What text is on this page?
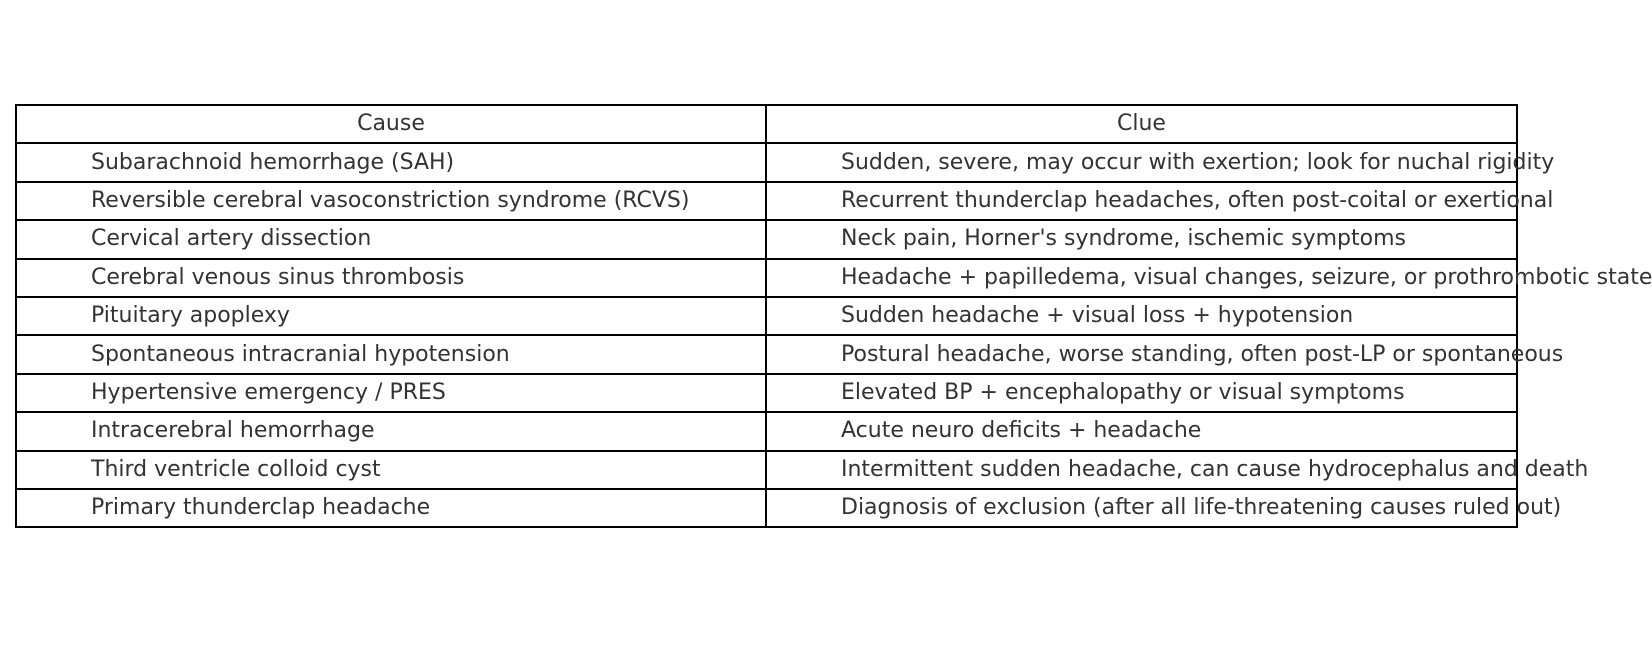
Cause	Clue
Subarachnoid hemorrhage (SAH)	Sudden, severe, may occur with exertion; look for nuchal rigidity
Reversible cerebral vasoconstriction syndrome (RCVS)	Recurrent thunderclap headaches, often post-coital or exertional
Cervical artery dissection	Neck pain, Horner's syndrome, ischemic symptoms
Cerebral venous sinus thrombosis	Headache + papilledema, visual changes, seizure, or prothrombotic state
Pituitary apoplexy	Sudden headache + visual loss + hypotension
Spontaneous intracranial hypotension	Postural headache, worse standing, often post-LP or spontaneous
Hypertensive emergency / PRES	Elevated BP + encephalopathy or visual symptoms
Intracerebral hemorrhage	Acute neuro deficits + headache
Third ventricle colloid cyst	Intermittent sudden headache, can cause hydrocephalus and death
Primary thunderclap headache	Diagnosis of exclusion (after all life-threatening causes ruled out)
